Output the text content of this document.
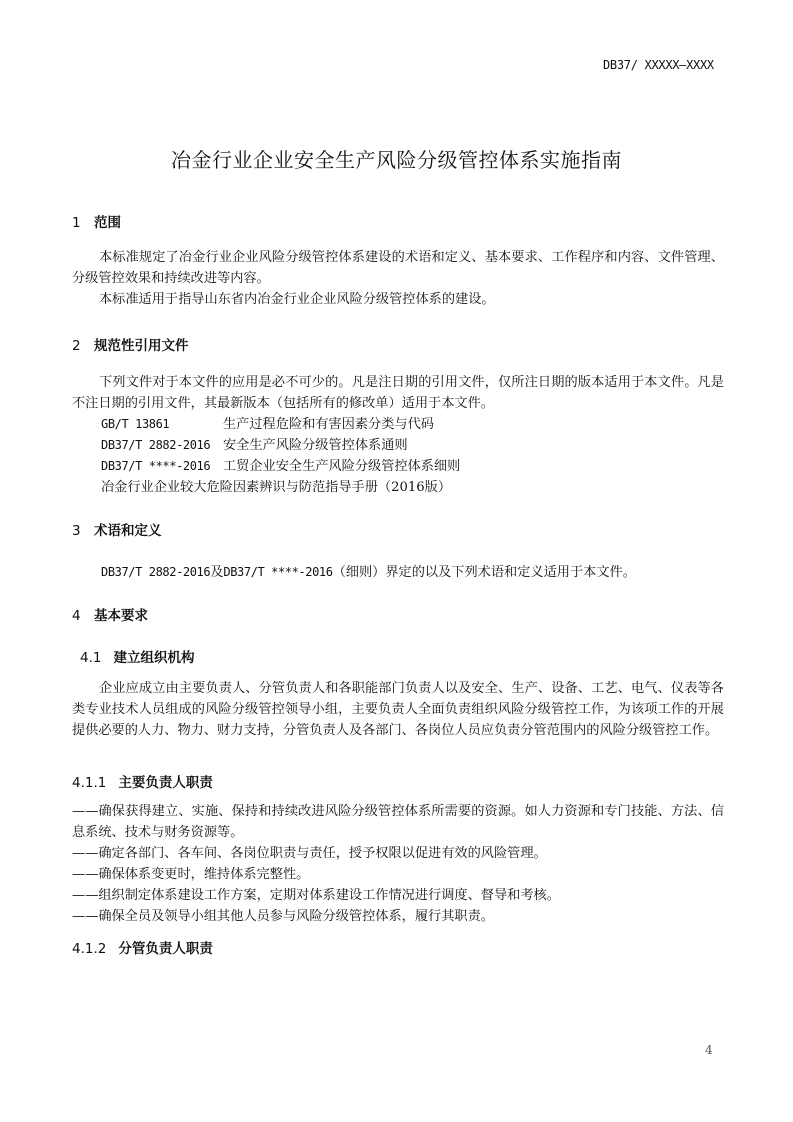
DB37/ XXXXX—XXXX
冶金行业企业安全生产风险分级管控体系实施指南
1 范围
本标准规定了冶金行业企业风险分级管控体系建设的术语和定义、基本要求、工作程序和内容、文件管理、分级管控效果和持续改进等内容。
本标准适用于指导山东省内冶金行业企业风险分级管控体系的建设。
2 规范性引用文件
下列文件对于本文件的应用是必不可少的。凡是注日期的引用文件，仅所注日期的版本适用于本文件。凡是不注日期的引用文件，其最新版本（包括所有的修改单）适用于本文件。
GB/T 13861	生产过程危险和有害因素分类与代码
DB37/T 2882-2016 安全生产风险分级管控体系通则
DB37/T ****-2016 工贸企业安全生产风险分级管控体系细则
冶金行业企业较大危险因素辨识与防范指导手册（2016版）
3 术语和定义
DB37/T 2882-2016及DB37/T ****-2016（细则）界定的以及下列术语和定义适用于本文件。
4 基本要求
4.1 建立组织机构
企业应成立由主要负责人、分管负责人和各职能部门负责人以及安全、生产、设备、工艺、电气、仪表等各类专业技术人员组成的风险分级管控领导小组，主要负责人全面负责组织风险分级管控工作，为该项工作的开展提供必要的人力、物力、财力支持，分管负责人及各部门、各岗位人员应负责分管范围内的风险分级管控工作。
4.1.1 主要负责人职责
——确保获得建立、实施、保持和持续改进风险分级管控体系所需要的资源。如人力资源和专门技能、方法、信息系统、技术与财务资源等。
——确定各部门、各车间、各岗位职责与责任，授予权限以促进有效的风险管理。
——确保体系变更时，维持体系完整性。
——组织制定体系建设工作方案，定期对体系建设工作情况进行调度、督导和考核。
——确保全员及领导小组其他人员参与风险分级管控体系，履行其职责。
4.1.2 分管负责人职责
4
